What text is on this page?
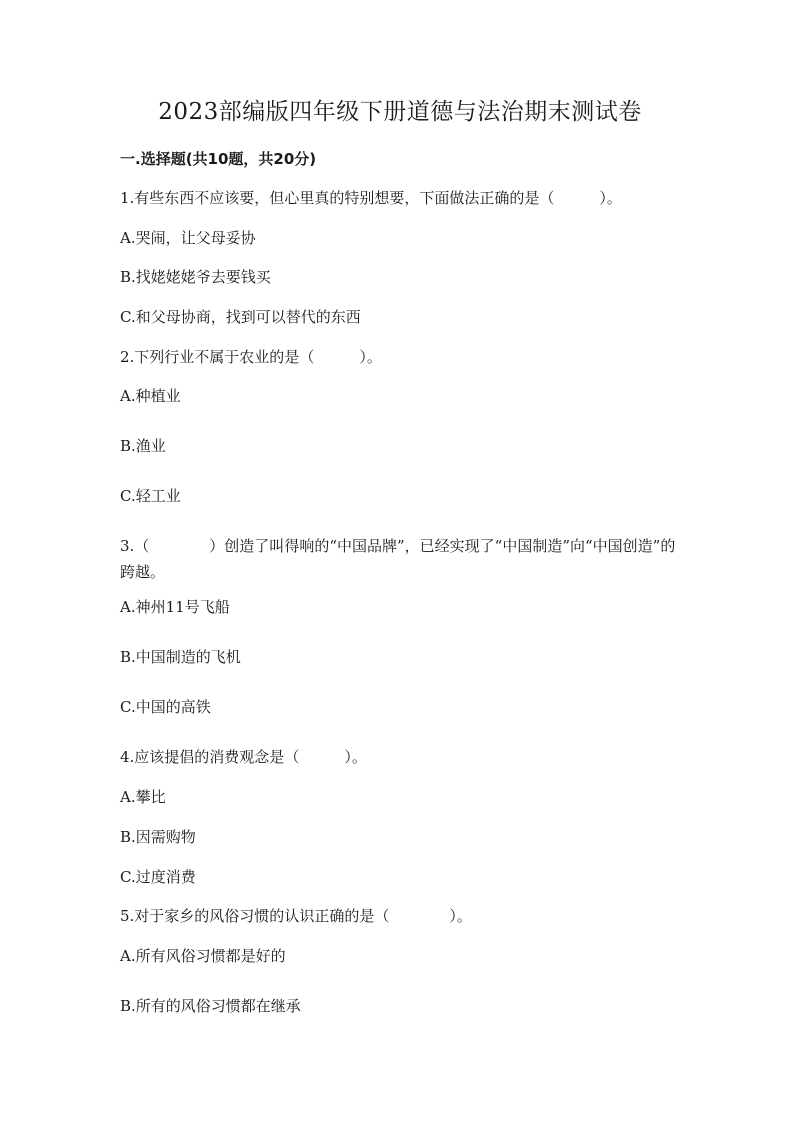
2023部编版四年级下册道德与法治期末测试卷
一.选择题(共10题，共20分)
1.有些东西不应该要，但心里真的特别想要，下面做法正确的是（　　　）。
A.哭闹，让父母妥协
B.找姥姥姥爷去要钱买
C.和父母协商，找到可以替代的东西
2.下列行业不属于农业的是（　　　）。
A.种植业
B.渔业
C.轻工业
3.（　　　　）创造了叫得响的“中国品牌”，已经实现了“中国制造”向“中国创造”的跨越。
A.神州11号飞船
B.中国制造的飞机
C.中国的高铁
4.应该提倡的消费观念是（　　　）。
A.攀比
B.因需购物
C.过度消费
5.对于家乡的风俗习惯的认识正确的是（　　　　）。
A.所有风俗习惯都是好的
B.所有的风俗习惯都在继承
